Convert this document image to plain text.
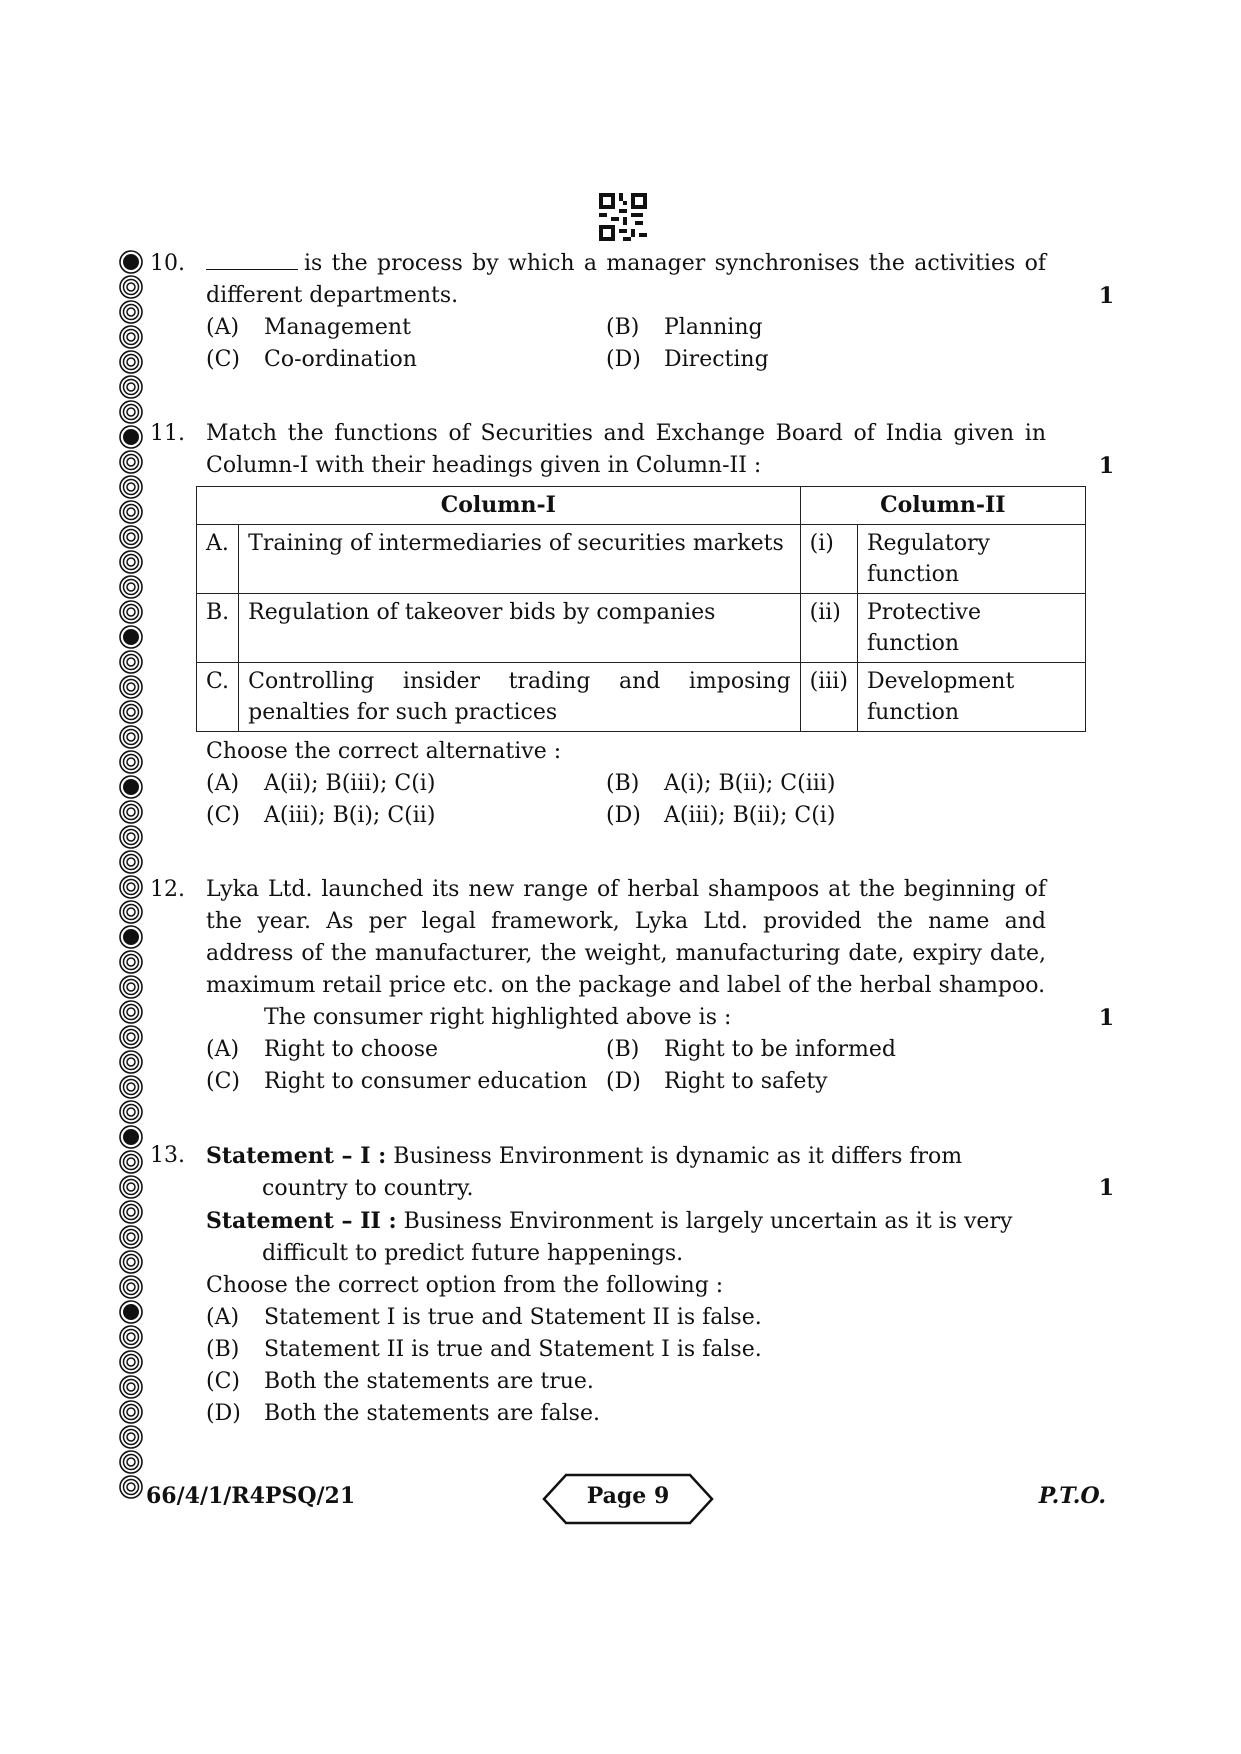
10.	is the process by which a manager synchronises the activities of different departments.	1
(A)	Management	(B)	Planning
(C)	Co-ordination	(D)	Directing
11. Match the functions of Securities and Exchange Board of India given in Column-I with their headings given in Column-II :	1
Column-I		Column-II	
A.	Training of intermediaries of securities markets	(i)	Regulatory function
B.	Regulation of takeover bids by companies	(ii)	Protective function
C.	Controlling insider trading and imposing penalties for such practices	(iii)	Development function
Choose the correct alternative :
(A)	A(ii); B(iii); C(i)	(B)	A(i); B(ii); C(iii)
(C)	A(iii); B(i); C(ii)	(D)	A(iii); B(ii); C(i)
12. Lyka Ltd. launched its new range of herbal shampoos at the beginning of the year. As per legal framework, Lyka Ltd. provided the name and address of the manufacturer, the weight, manufacturing date, expiry date, maximum retail price etc. on the package and label of the herbal shampoo.
1
The consumer right highlighted above is :
(A)	Right to choose	(B)	Right to be informed
(C)	Right to consumer education (D)	Right to safety
13.
1
Statement – I : Business Environment is dynamic as it differs from
country to country.
Statement – II : Business Environment is largely uncertain as it is very
difficult to predict future happenings.
Choose the correct option from the following :
(A)	Statement I is true and Statement II is false.
(B)	Statement II is true and Statement I is false.
(C)	Both the statements are true.
(D)	Both the statements are false.
66/4/1/R4PSQ/21	Page 9	P.T.O.
